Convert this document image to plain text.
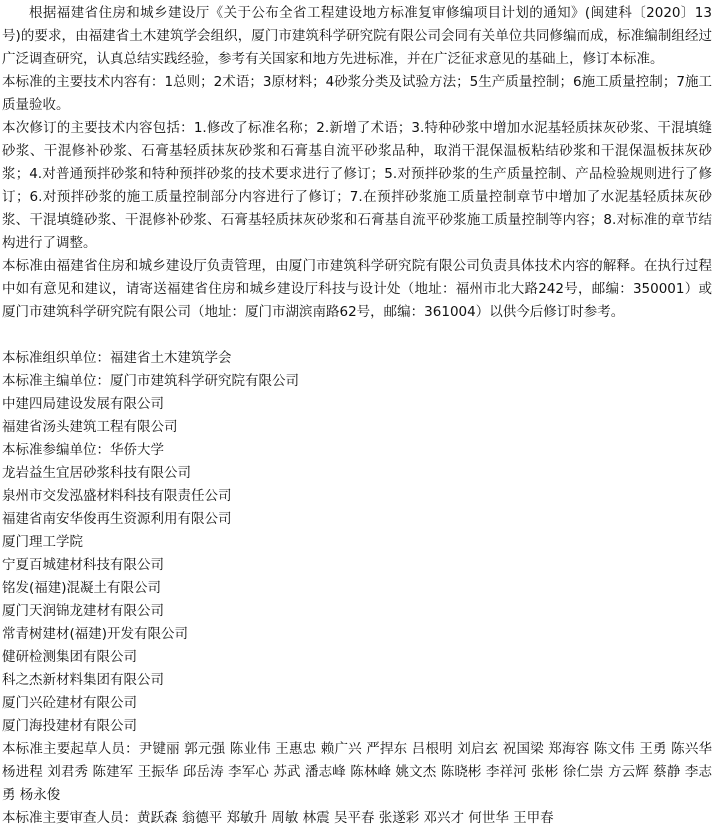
根据福建省住房和城乡建设厅《关于公布全省工程建设地方标准复审修编项目计划的通知》(闽建科〔2020〕13号)的要求，由福建省土木建筑学会组织，厦门市建筑科学研究院有限公司会同有关单位共同修编而成，标准编制组经过广泛调查研究，认真总结实践经验，参考有关国家和地方先进标准，并在广泛征求意见的基础上，修订本标准。

本标准的主要技术内容有：1总则；2术语；3原材料；4砂浆分类及试验方法；5生产质量控制；6施工质量控制；7施工质量验收。

本次修订的主要技术内容包括：1.修改了标准名称；2.新增了术语；3.特种砂浆中增加水泥基轻质抹灰砂浆、干混填缝砂浆、干混修补砂浆、石膏基轻质抹灰砂浆和石膏基自流平砂浆品种，取消干混保温板粘结砂浆和干混保温板抹灰砂浆；4.对普通预拌砂浆和特种预拌砂浆的技术要求进行了修订；5.对预拌砂浆的生产质量控制、产品检验规则进行了修订；6.对预拌砂浆的施工质量控制部分内容进行了修订；7.在预拌砂浆施工质量控制章节中增加了水泥基轻质抹灰砂浆、干混填缝砂浆、干混修补砂浆、石膏基轻质抹灰砂浆和石膏基自流平砂浆施工质量控制等内容；8.对标准的章节结构进行了调整。

本标准由福建省住房和城乡建设厅负责管理，由厦门市建筑科学研究院有限公司负责具体技术内容的解释。在执行过程中如有意见和建议，请寄送福建省住房和城乡建设厅科技与设计处（地址：福州市北大路242号，邮编：350001）或厦门市建筑科学研究院有限公司（地址：厦门市湖滨南路62号，邮编：361004）以供今后修订时参考。

本标准组织单位：福建省土木建筑学会

本标准主编单位：厦门市建筑科学研究院有限公司

中建四局建设发展有限公司

福建省汤头建筑工程有限公司

本标准参编单位：华侨大学

龙岩益生宜居砂浆科技有限公司

泉州市交发泓盛材料科技有限责任公司

福建省南安华俊再生资源利用有限公司

厦门理工学院

宁夏百城建材科技有限公司

铭发(福建)混凝土有限公司

厦门天润锦龙建材有限公司

常青树建材(福建)开发有限公司

健研检测集团有限公司

科之杰新材料集团有限公司

厦门兴砼建材有限公司

厦门海投建材有限公司

本标准主要起草人员：尹键丽 郭元强 陈业伟 王惠忠 赖广兴 严捍东 吕根明 刘启玄 祝国梁 郑海容 陈文伟 王勇 陈兴华 杨进程 刘君秀 陈建军 王振华 邱岳涛 李军心 苏武 潘志峰 陈林峰 姚文杰 陈晓彬 李祥河 张彬 徐仁崇 方云辉 蔡静 李志勇 杨永俊

本标准主要审查人员：黄跃森 翁德平 郑敏升 周敏 林震 吴平春 张遂彩 邓兴才 何世华 王甲春
